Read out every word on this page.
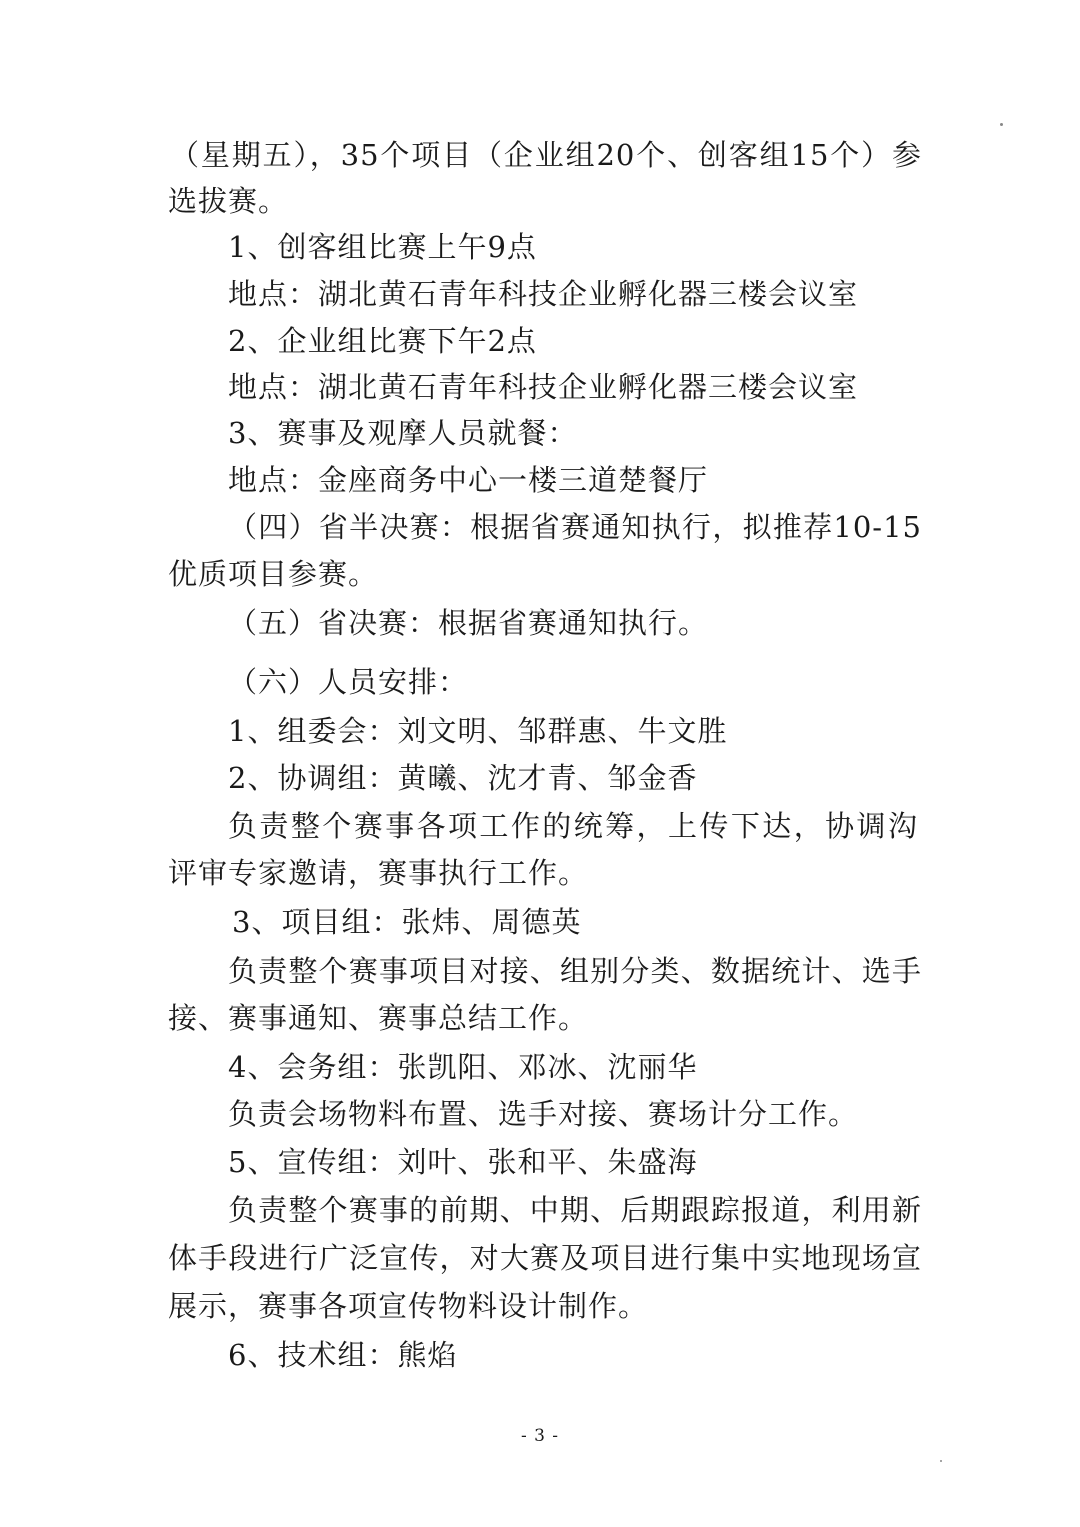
（星期五），35个项目（企业组20个、创客组15个）参
选拔赛。
1、创客组比赛上午9点
地点：湖北黄石青年科技企业孵化器三楼会议室
2、企业组比赛下午2点
地点：湖北黄石青年科技企业孵化器三楼会议室
3、赛事及观摩人员就餐：
地点：金座商务中心一楼三道楚餐厅
（四）省半决赛：根据省赛通知执行，拟推荐10-15
优质项目参赛。
（五）省决赛：根据省赛通知执行。
（六）人员安排：
1、组委会：刘文明、邹群惠、牛文胜
2、协调组：黄曦、沈才青、邹金香
负责整个赛事各项工作的统筹，上传下达，协调沟
评审专家邀请，赛事执行工作。
3、项目组：张炜、周德英
负责整个赛事项目对接、组别分类、数据统计、选手
接、赛事通知、赛事总结工作。
4、会务组：张凯阳、邓冰、沈丽华
负责会场物料布置、选手对接、赛场计分工作。
5、宣传组：刘叶、张和平、朱盛海
负责整个赛事的前期、中期、后期跟踪报道，利用新
体手段进行广泛宣传，对大赛及项目进行集中实地现场宣
展示，赛事各项宣传物料设计制作。
6、技术组：熊焰
- 3 -
